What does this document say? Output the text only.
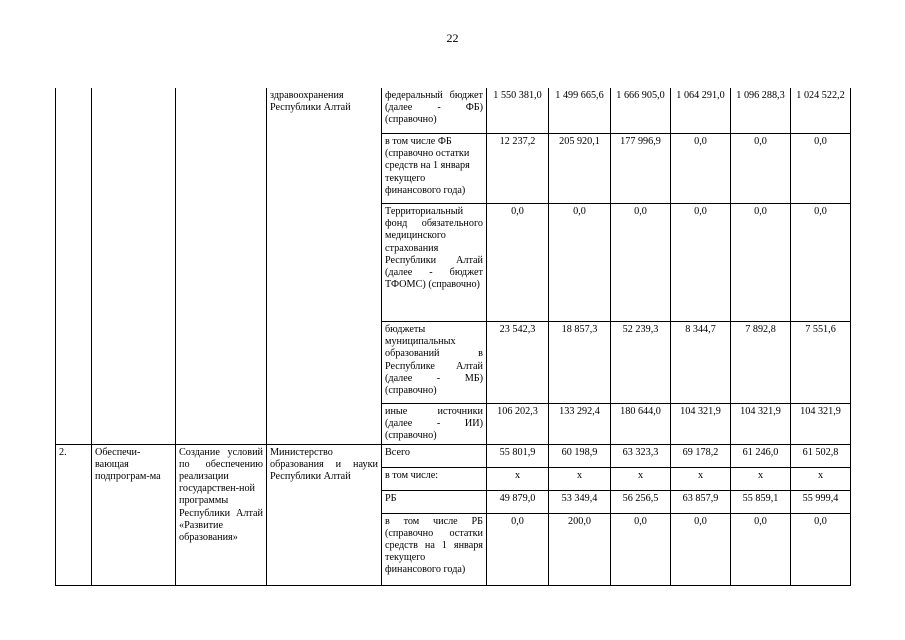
22
			здравоохранения Республики Алтай	федеральный бюджет (далее - ФБ) (справочно)	1 550 381,0	1 499 665,6	1 666 905,0	1 064 291,0	1 096 288,3	1 024 522,2
				в том числе ФБ (справочно остатки средств на 1 января текущего финансового года)	12 237,2	205 920,1	177 996,9	0,0	0,0	0,0
				Территориальный фонд обязательного медицинского страхования Республики Алтай (далее - бюджет ТФОМС) (справочно)	0,0	0,0	0,0	0,0	0,0	0,0
				бюджеты муниципальных образований в Республике Алтай (далее - МБ) (справочно)	23 542,3	18 857,3	52 239,3	8 344,7	7 892,8	7 551,6
				иные источники (далее - ИИ) (справочно)	106 202,3	133 292,4	180 644,0	104 321,9	104 321,9	104 321,9
2.	Обеспечи-вающая подпрограм-ма	Создание условий по обеспечению реализации государствен-ной программы Республики Алтай «Развитие образования»	Министерство образования и науки Республики Алтай	Всего	55 801,9	60 198,9	63 323,3	69 178,2	61 246,0	61 502,8
				в том числе:	x	x	x	x	x	x
				РБ	49 879,0	53 349,4	56 256,5	63 857,9	55 859,1	55 999,4
				в том числе РБ (справочно остатки средств на 1 января текущего финансового года)	0,0	200,0	0,0	0,0	0,0	0,0
